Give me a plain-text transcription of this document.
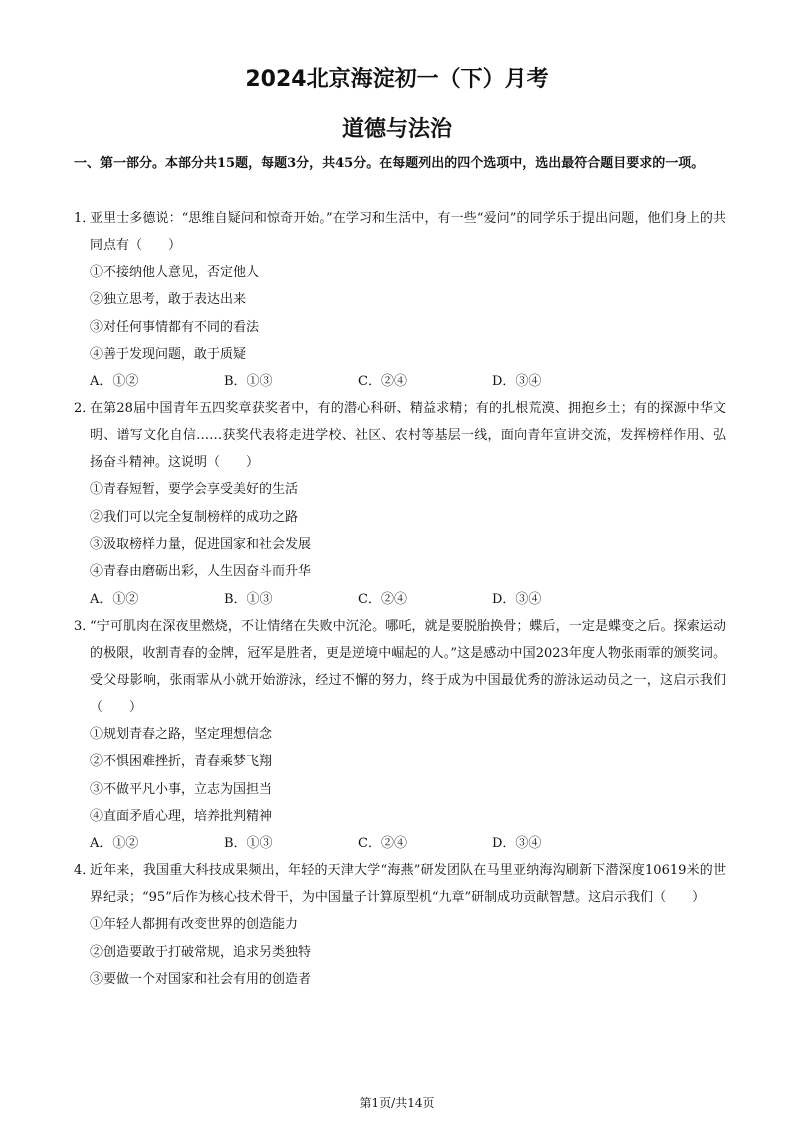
2024北京海淀初一（下）月考
道德与法治
一、第一部分。本部分共15题，每题3分，共45分。在每题列出的四个选项中，选出最符合题目要求的一项。
1．
亚里士多德说：“思维自疑问和惊奇开始。”在学习和生活中，有一些“爱问”的同学乐于提出问题，他们身上的共同点有（　　）
①不接纳他人意见，否定他人
②独立思考，敢于表达出来
③对任何事情都有不同的看法
④善于发现问题，敢于质疑
A．①②	B．①③	C．②④	D．③④
2．
在第28届中国青年五四奖章获奖者中，有的潜心科研、精益求精；有的扎根荒漠、拥抱乡土；有的探源中华文明、谱写文化自信……获奖代表将走进学校、社区、农村等基层一线，面向青年宣讲交流，发挥榜样作用、弘扬奋斗精神。这说明（　　）
①青春短暂，要学会享受美好的生活
②我们可以完全复制榜样的成功之路
③汲取榜样力量，促进国家和社会发展
④青春由磨砺出彩，人生因奋斗而升华
A．①②	B．①③	C．②④	D．③④
3．
“宁可肌肉在深夜里燃烧，不让情绪在失败中沉沦。哪吒，就是要脱胎换骨；蝶后，一定是蝶变之后。探索运动的极限，收割青春的金牌，冠军是胜者，更是逆境中崛起的人。”这是感动中国2023年度人物张雨霏的颁奖词。受父母影响，张雨霏从小就开始游泳，经过不懈的努力，终于成为中国最优秀的游泳运动员之一，这启示我们（　　）
①规划青春之路，坚定理想信念
②不惧困难挫折，青春乘梦飞翔
③不做平凡小事，立志为国担当
④直面矛盾心理，培养批判精神
A．①②	B．①③	C．②④	D．③④
4．
近年来，我国重大科技成果频出，年轻的天津大学“海燕”研发团队在马里亚纳海沟刷新下潜深度10619米的世界纪录；“95”后作为核心技术骨干，为中国量子计算原型机“九章”研制成功贡献智慧。这启示我们（　　）
①年轻人都拥有改变世界的创造能力
②创造要敢于打破常规，追求另类独特
③要做一个对国家和社会有用的创造者
第1页/共14页
